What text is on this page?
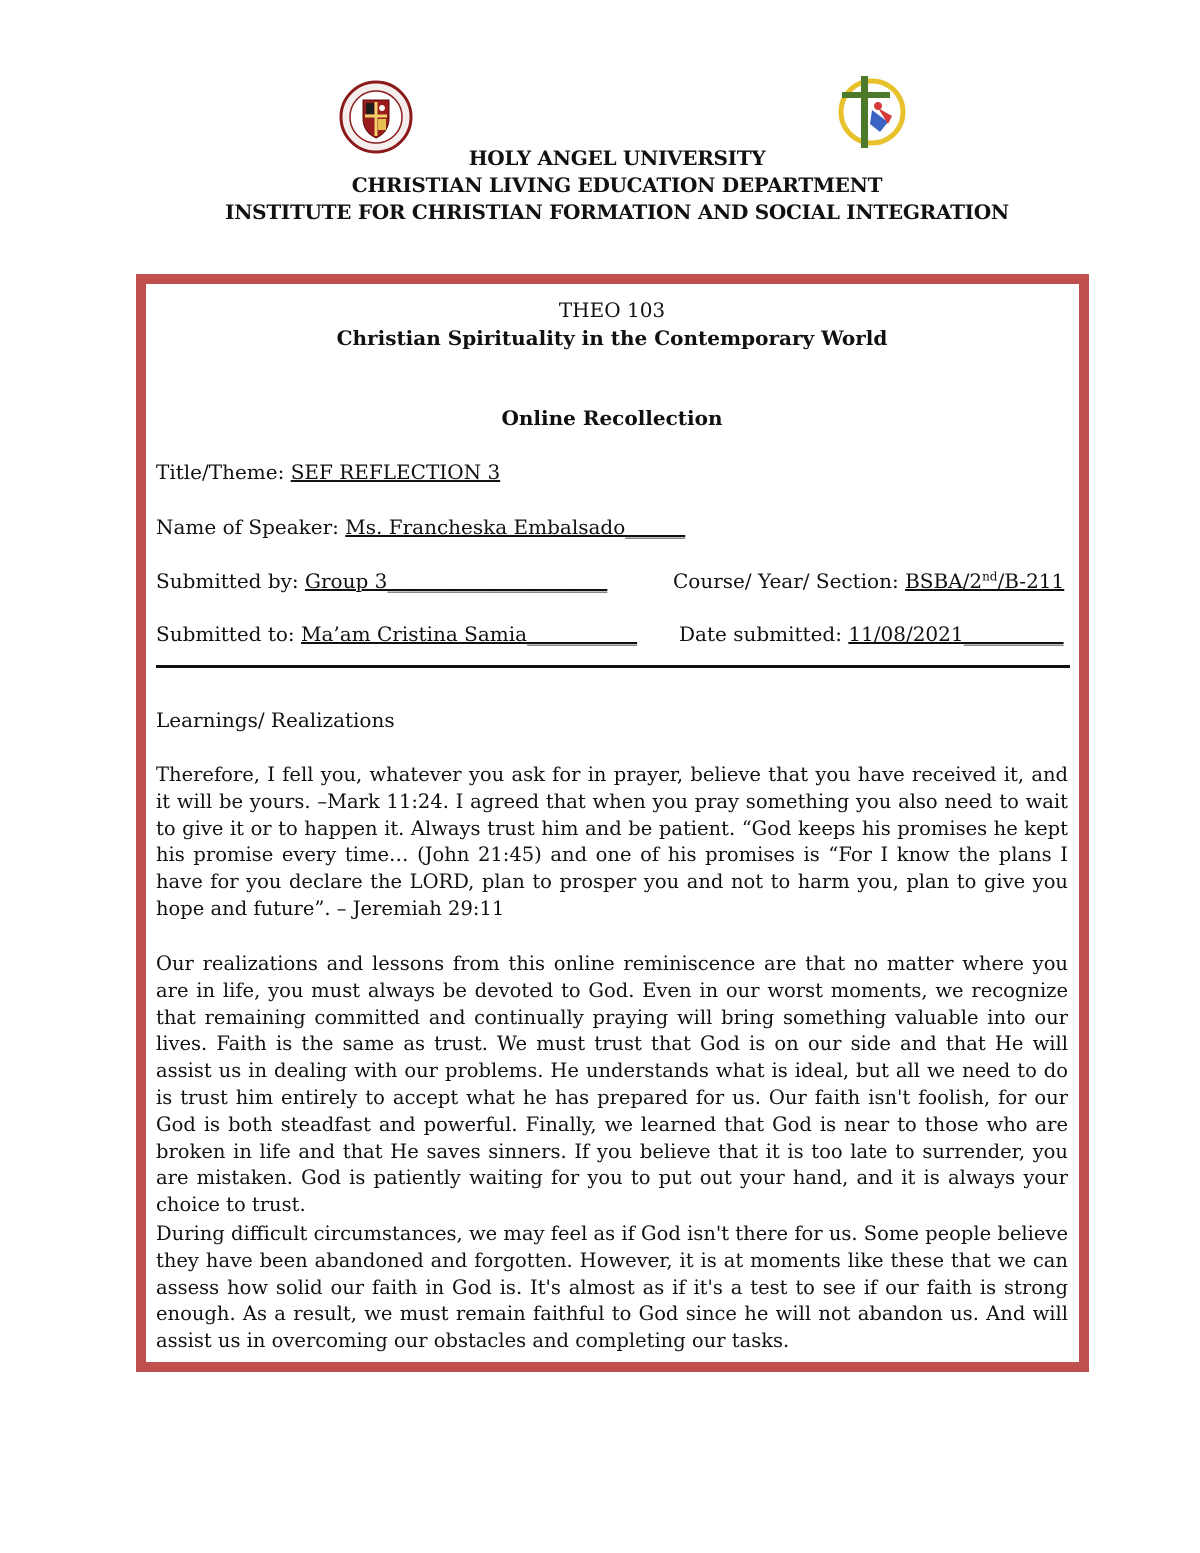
HOLY ANGEL UNIVERSITY
CHRISTIAN LIVING EDUCATION DEPARTMENT
INSTITUTE FOR CHRISTIAN FORMATION AND SOCIAL INTEGRATION
THEO 103
Christian Spirituality in the Contemporary World
Online Recollection
Title/Theme: SEF REFLECTION 3
Name of Speaker: Ms. Francheska Embalsado______
Submitted by: Group 3______________________	Course/ Year/ Section: BSBA/2nd/B-211
Submitted to: Ma’am Cristina Samia___________ Date submitted: 11/08/2021__________
Learnings/ Realizations
Therefore, I fell you, whatever you ask for in prayer, believe that you have received it, and it will be yours. –Mark 11:24. I agreed that when you pray something you also need to wait to give it or to happen it. Always trust him and be patient. “God keeps his promises he kept his promise every time… (John 21:45) and one of his promises is “For I know the plans I have for you declare the LORD, plan to prosper you and not to harm you, plan to give you hope and future”. – Jeremiah 29:11
Our realizations and lessons from this online reminiscence are that no matter where you are in life, you must always be devoted to God. Even in our worst moments, we recognize that remaining committed and continually praying will bring something valuable into our lives. Faith is the same as trust. We must trust that God is on our side and that He will assist us in dealing with our problems. He understands what is ideal, but all we need to do is trust him entirely to accept what he has prepared for us. Our faith isn't foolish, for our God is both steadfast and powerful. Finally, we learned that God is near to those who are broken in life and that He saves sinners. If you believe that it is too late to surrender, you are mistaken. God is patiently waiting for you to put out your hand, and it is always your choice to trust.
During difficult circumstances, we may feel as if God isn't there for us. Some people believe they have been abandoned and forgotten. However, it is at moments like these that we can assess how solid our faith in God is. It's almost as if it's a test to see if our faith is strong enough. As a result, we must remain faithful to God since he will not abandon us. And will assist us in overcoming our obstacles and completing our tasks.
